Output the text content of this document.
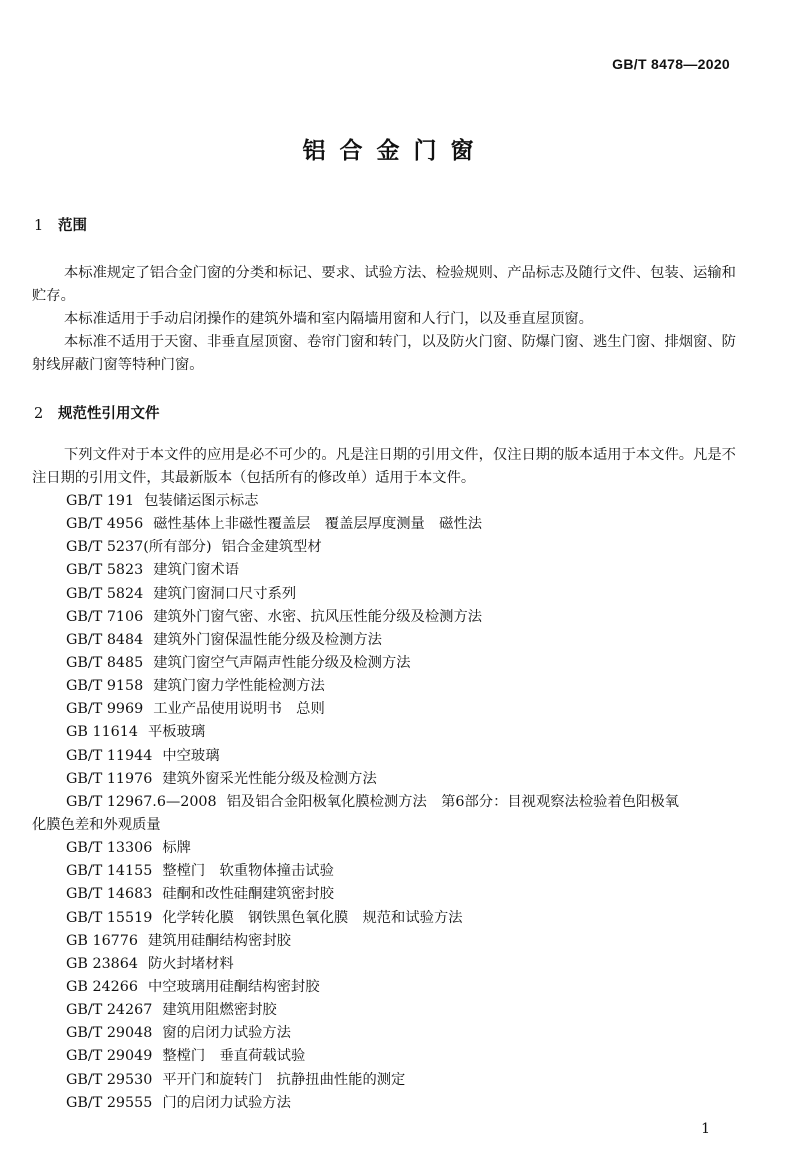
GB/T 8478—2020
铝合金门窗
1 范围
本标准规定了铝合金门窗的分类和标记、要求、试验方法、检验规则、产品标志及随行文件、包装、运输和贮存。
本标准适用于手动启闭操作的建筑外墙和室内隔墙用窗和人行门，以及垂直屋顶窗。
本标准不适用于天窗、非垂直屋顶窗、卷帘门窗和转门，以及防火门窗、防爆门窗、逃生门窗、排烟窗、防射线屏蔽门窗等特种门窗。
2 规范性引用文件
下列文件对于本文件的应用是必不可少的。凡是注日期的引用文件，仅注日期的版本适用于本文件。凡是不注日期的引用文件，其最新版本（包括所有的修改单）适用于本文件。
GB/T 191 包装储运图示标志
GB/T 4956 磁性基体上非磁性覆盖层　覆盖层厚度测量　磁性法
GB/T 5237(所有部分) 铝合金建筑型材
GB/T 5823 建筑门窗术语
GB/T 5824 建筑门窗洞口尺寸系列
GB/T 7106 建筑外门窗气密、水密、抗风压性能分级及检测方法
GB/T 8484 建筑外门窗保温性能分级及检测方法
GB/T 8485 建筑门窗空气声隔声性能分级及检测方法
GB/T 9158 建筑门窗力学性能检测方法
GB/T 9969 工业产品使用说明书　总则
GB 11614 平板玻璃
GB/T 11944 中空玻璃
GB/T 11976 建筑外窗采光性能分级及检测方法
GB/T 12967.6—2008 铝及铝合金阳极氧化膜检测方法　第6部分：目视观察法检验着色阳极氧
化膜色差和外观质量
GB/T 13306 标牌
GB/T 14155 整樘门　软重物体撞击试验
GB/T 14683 硅酮和改性硅酮建筑密封胶
GB/T 15519 化学转化膜　钢铁黑色氧化膜　规范和试验方法
GB 16776 建筑用硅酮结构密封胶
GB 23864 防火封堵材料
GB 24266 中空玻璃用硅酮结构密封胶
GB/T 24267 建筑用阻燃密封胶
GB/T 29048 窗的启闭力试验方法
GB/T 29049 整樘门　垂直荷载试验
GB/T 29530 平开门和旋转门　抗静扭曲性能的测定
GB/T 29555 门的启闭力试验方法
1
